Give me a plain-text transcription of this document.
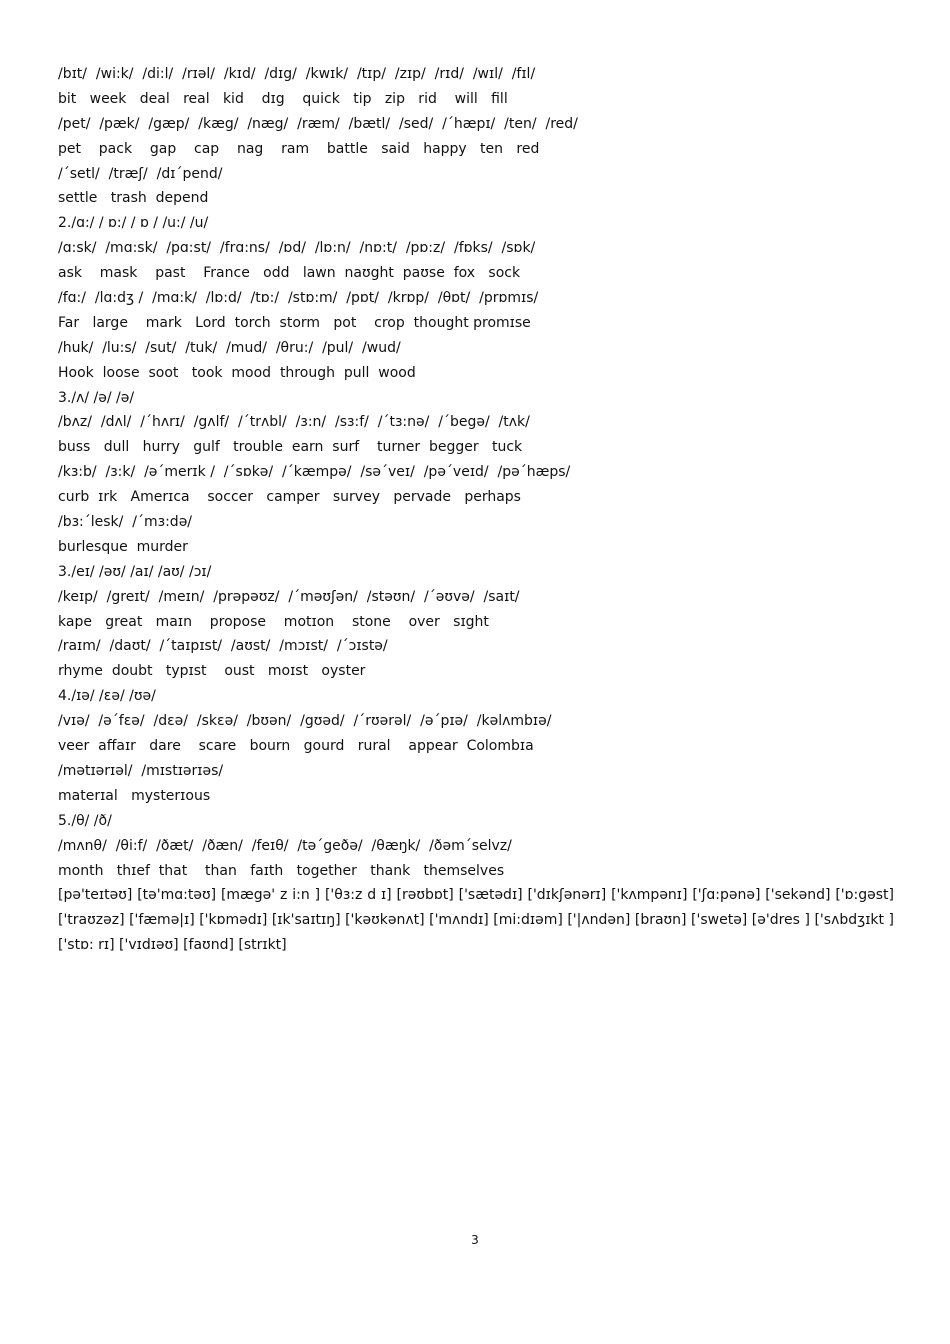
/bɪt/  /wi:k/  /di:l/  /rɪəl/  /kɪd/  /dɪg/  /kwɪk/  /tɪp/  /zɪp/  /rɪd/  /wɪl/  /fɪl/
bit   week   deal   real   kid    dɪg    quick   tip   zip   rid    will   fill
/pet/  /pæk/  /gæp/  /kæg/  /næg/  /ræm/  /bætl/  /sed/  /ˊhæpɪ/  /ten/  /red/
pet    pack    gap    cap    nag    ram    battle   said   happy   ten   red
/ˊsetl/  /træʃ/  /dɪˊpend/
settle   trash  depend
2./ɑ:/ / ɒ:/ / ɒ / /u:/ /u/
/ɑ:sk/  /mɑ:sk/  /pɑ:st/  /frɑ:ns/  /ɒd/  /lɒ:n/  /nɒ:t/  /pɒ:z/  /fɒks/  /sɒk/
ask    mask    past    France   odd   lawn  naʊght  paʊse  fox   sock
/fɑ:/  /lɑ:dʒ /  /mɑ:k/  /lɒ:d/  /tɒ:/  /stɒ:m/  /pɒt/  /krɒp/  /θɒt/  /prɒmɪs/
Far   large    mark   Lord  torch  storm   pot    crop  thought promɪse
/huk/  /lu:s/  /sut/  /tuk/  /mud/  /θru:/  /pul/  /wud/
Hook  loose  soot   took  mood  through  pull  wood
3./ʌ/ /ə/ /ə/
/bʌz/  /dʌl/  /ˊhʌrɪ/  /gʌlf/  /ˊtrʌbl/  /ɜ:n/  /sɜ:f/  /ˊtɜ:nə/  /ˊbegə/  /tʌk/
buss   dull   hurry   gulf   trouble  earn  surf    turner  begger   tuck
/kɜ:b/  /ɜ:k/  /əˊmerɪk /  /ˊsɒkə/  /ˊkæmpə/  /səˊveɪ/  /pəˊveɪd/  /pəˊhæps/
curb  ɪrk   Amerɪca    soccer   camper   survey   pervade   perhaps
/bɜ:ˊlesk/  /ˊmɜ:də/
burlesque  murder
3./eɪ/ /əʊ/ /aɪ/ /aʊ/ /ɔɪ/
/keɪp/  /greɪt/  /meɪn/  /prəpəʊz/  /ˊməʊʃən/  /stəʊn/  /ˊəʊvə/  /saɪt/
kape   great   maɪn    propose    motɪon    stone    over   sɪght
/raɪm/  /daʊt/  /ˊtaɪpɪst/  /aʊst/  /mɔɪst/  /ˊɔɪstə/
rhyme  doubt   typɪst    oust   moɪst   oyster
4./ɪə/ /ɛə/ /ʊə/
/vɪə/  /əˊfɛə/  /dɛə/  /skɛə/  /bʊən/  /gʊəd/  /ˊrʊərəl/  /əˊpɪə/  /kəlʌmbɪə/
veer  affaɪr   dare    scare   bourn   gourd   rural    appear  Colombɪa
/mətɪərɪəl/  /mɪstɪərɪəs/
materɪal   mysterɪous
5./θ/ /ð/
/mʌnθ/  /θi:f/  /ðæt/  /ðæn/  /feɪθ/  /təˊgeðə/  /θæŋk/  /ðəmˊselvz/
month   thɪef  that    than   faɪth   together   thank   themselves
[pə'teɪtəʊ] [tə'mɑ:təʊ] [mægə' z i:n ] ['θɜ:z d ɪ] [rəʊbɒt] ['sætədɪ] ['dɪkʃənərɪ] ['kʌmpənɪ] ['ʃɑ:pənə] ['sekənd] ['ɒ:gəst] ['traʊzəz] ['fæmə|ɪ] ['kɒmədɪ] [ɪk'saɪtɪŋ] ['kəʊkənʌt] ['mʌndɪ] [mi:dɪəm] ['|ʌndən] [braʊn] ['swetə] [ə'dres ] ['sʌbdʒɪkt ] ['stɒ: rɪ] ['vɪdɪəʊ] [faʊnd] [strɪkt]
3
